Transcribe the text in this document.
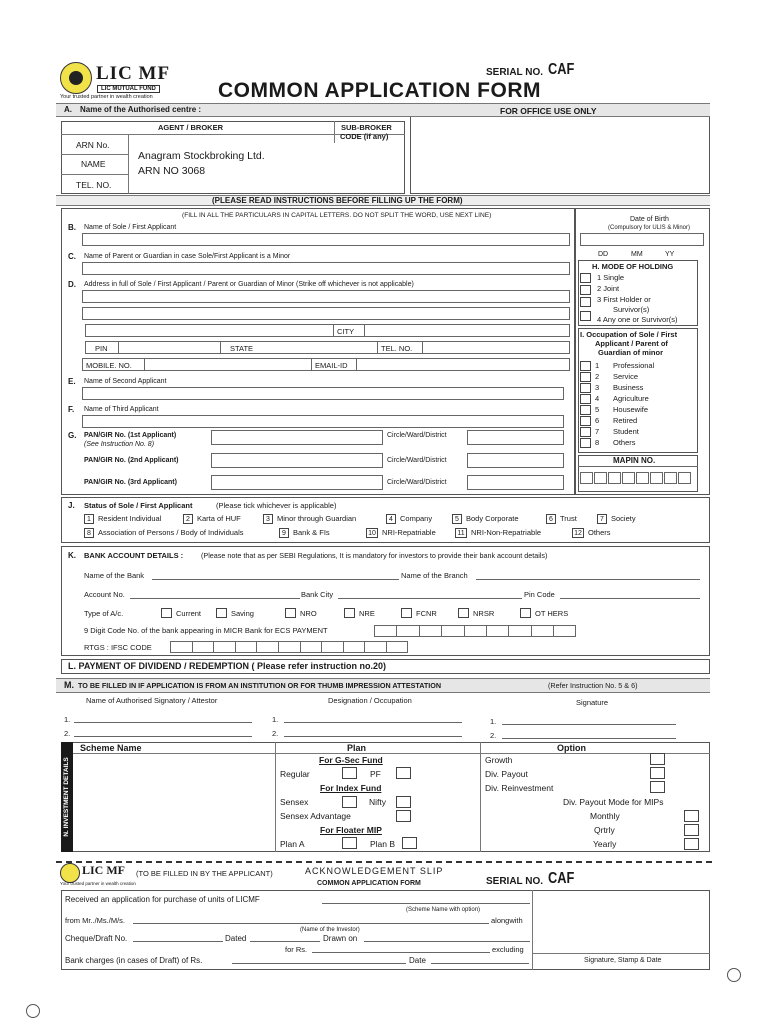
LIC MF
LIC MUTUAL FUND
Your trusted partner in wealth creation
SERIAL NO. CAF
COMMON APPLICATION FORM
A. Name of the Authorised centre :	FOR OFFICE USE ONLY
AGENT / BROKER	SUB-BROKER
CODE (if any)
ARN No.
NAME
TEL. NO.
Anagram Stockbroking Ltd.
ARN NO 3068
(PLEASE READ INSTRUCTIONS BEFORE FILLING UP THE FORM)
(FILL IN ALL THE PARTICULARS IN CAPITAL LETTERS. DO NOT SPLIT THE WORD, USE NEXT LINE)
Date of Birth
(Compulsory for ULIS & Minor)
B. Name of Sole / First Applicant
DD	MM	YY
C. Name of Parent or Guardian in case Sole/First Applicant is a Minor
H. MODE OF HOLDING
1 Single
2 Joint
3 First Holder or
Survivor(s)
4 Any one or Survivor(s)
D. Address in full of Sole / First Applicant / Parent or Guardian of Minor (Strike off whichever is not applicable)
CITY
PIN	STATE	TEL. NO.
MOBILE. NO.	EMAIL-ID
I. Occupation of Sole / First
Applicant / Parent of
Guardian of minor
E. Name of Second Applicant
F. Name of Third Applicant
G. PAN/GIR No. (1st Applicant)
(See Instruction No. 8)
Circle/Ward/District
PAN/GIR No. (2nd Applicant)	Circle/Ward/District
PAN/GIR No. (3rd Applicant)	Circle/Ward/District
MAPIN NO.
J. Status of Sole / First Applicant	(Please tick whichever is applicable)
K. BANK ACCOUNT DETAILS : (Please note that as per SEBI Regulations, It is mandatory for investors to provide their bank account details)
Name of the Bank	Name of the Branch
Account No.	Bank City	Pin Code
Type of A/c.
9 Digit Code No. of the bank appearing in MICR Bank for ECS PAYMENT
RTGS : IFSC CODE
L. PAYMENT OF DIVIDEND / REDEMPTION ( Please refer instruction no.20)
M. TO BE FILLED IN IF APPLICATION IS FROM AN INSTITUTION OR FOR THUMB IMPRESSION ATTESTATION	(Refer Instruction No. 5 & 6)
Name of Authorised Signatory / Attestor	Designation / Occupation	Signature
1.	1.	1.
2.	2.	2.
N. INVESTMENT DETAILS
Scheme Name	Plan	Option
For G-Sec Fund
Regular	PF
For Index Fund
Sensex	Nifty
Sensex Advantage
For Floater MIP
Plan A	Plan B
Growth
Div. Payout
Div. Reinvestment
Div. Payout Mode for MIPs
Monthly
Qrtrly
Yearly
LIC MF
Your trusted partner in wealth creation
(TO BE FILLED IN BY THE APPLICANT)	ACKNOWLEDGEMENT SLIP
COMMON APPLICATION FORM	SERIAL NO. CAF
Received an application for purchase of units of LICMF
(Scheme Name with option)
from Mr../Ms./M/s.	alongwith
(Name of the Investor)
Cheque/Draft No.	Dated	Drawn on
for Rs.	excluding
Bank charges (in cases of Draft) of Rs.	Date	Signature, Stamp & Date
1 Professional
2 Service
3 Business
4 Agriculture
5 Housewife
6 Retired
7 Student
8 Others
1 Resident Individual	2 Karta of HUF	3 Minor through Guardian	4 Company	5 Body Corporate	6 Trust	7 Society
8 Association of Persons / Body of Individuals	9 Bank & FIs	10 NRI-Repatriable	11 NRI-Non-Repatriable	12 Others
Current	Saving	NRO	NRE	FCNR	NRSR	OT HERS
